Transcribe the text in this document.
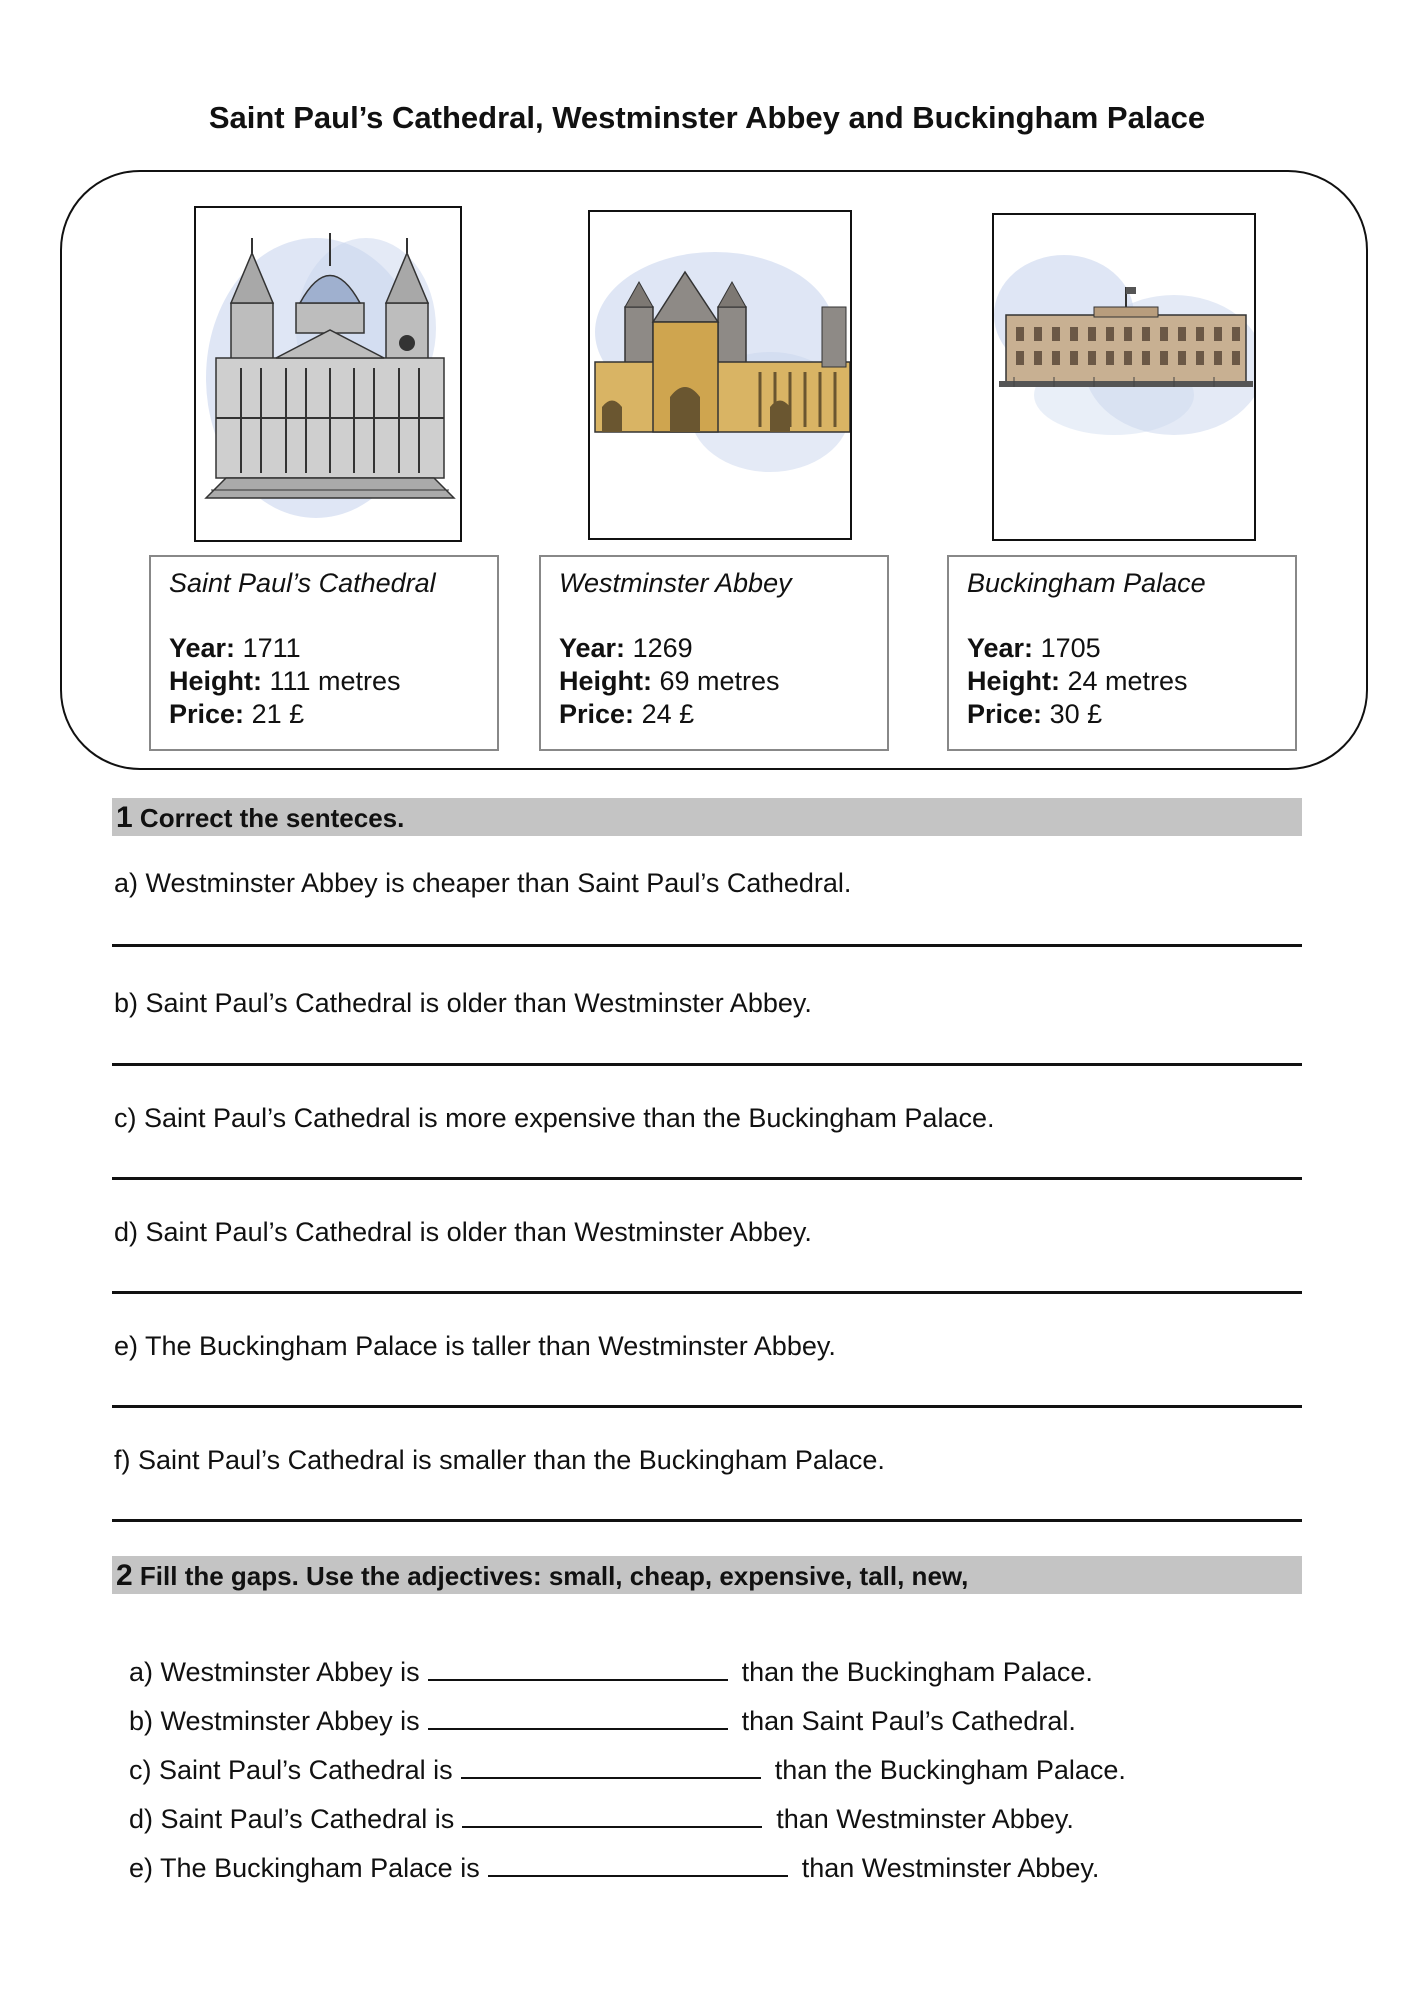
Saint Paul’s Cathedral, Westminster Abbey and Buckingham Palace
Saint Paul’s Cathedral
Year: 1711
Height: 111 metres
Price: 21 £
Westminster Abbey
Year: 1269
Height: 69 metres
Price: 24 £
Buckingham Palace
Year: 1705
Height: 24 metres
Price: 30 £
1 Correct the senteces.
a) Westminster Abbey is cheaper than Saint Paul’s Cathedral.
b) Saint Paul’s Cathedral is older than Westminster Abbey.
c) Saint Paul’s Cathedral is more expensive than the Buckingham Palace.
d) Saint Paul’s Cathedral is older than Westminster Abbey.
e) The Buckingham Palace is taller than Westminster Abbey.
f) Saint Paul’s Cathedral is smaller than the Buckingham Palace.
2 Fill the gaps. Use the adjectives: small, cheap, expensive, tall, new,

a) Westminster Abbey is	than the Buckingham Palace.

b) Westminster Abbey is	than Saint Paul’s Cathedral.

c) Saint Paul’s Cathedral is	than the Buckingham Palace.

d) Saint Paul’s Cathedral is	than Westminster Abbey.

e) The Buckingham Palace is	than Westminster Abbey.
